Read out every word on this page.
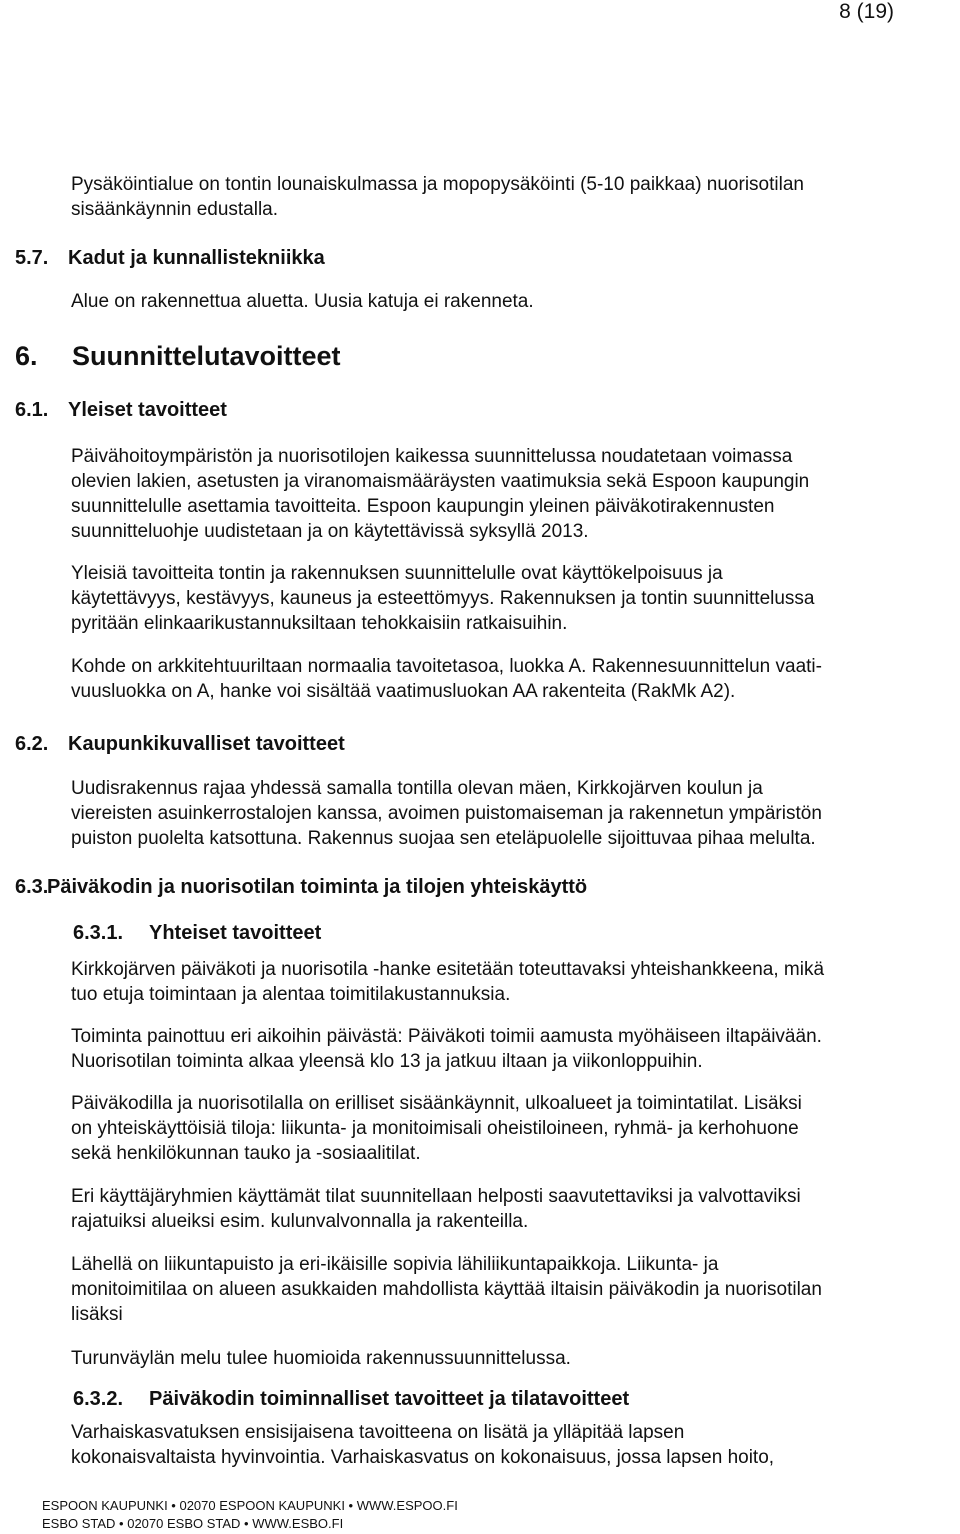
8 (19)
Pysäköintialue on tontin lounaiskulmassa ja mopopysäköinti (5-10 paikkaa) nuorisotilan
sisäänkäynnin edustalla.
5.7. Kadut ja kunnallistekniikka
Alue on rakennettua aluetta. Uusia katuja ei rakenneta.
6. Suunnittelutavoitteet
6.1. Yleiset tavoitteet
Päivähoitoympäristön ja nuorisotilojen kaikessa suunnittelussa noudatetaan voimassa
olevien lakien, asetusten ja viranomaismääräysten vaatimuksia sekä Espoon kaupungin
suunnittelulle asettamia tavoitteita. Espoon kaupungin yleinen päiväkotirakennusten
suunnitteluohje uudistetaan ja on käytettävissä syksyllä 2013.
Yleisiä tavoitteita tontin ja rakennuksen suunnittelulle ovat käyttökelpoisuus ja
käytettävyys, kestävyys, kauneus ja esteettömyys. Rakennuksen ja tontin suunnittelussa
pyritään elinkaarikustannuksiltaan tehokkaisiin ratkaisuihin.
Kohde on arkkitehtuuriltaan normaalia tavoitetasoa, luokka A. Rakennesuunnittelun vaati-
vuusluokka on A, hanke voi sisältää vaatimusluokan AA rakenteita (RakMk A2).
6.2. Kaupunkikuvalliset tavoitteet
Uudisrakennus rajaa yhdessä samalla tontilla olevan mäen, Kirkkojärven koulun ja
viereisten asuinkerrostalojen kanssa, avoimen puistomaiseman ja rakennetun ympäristön
puiston puolelta katsottuna. Rakennus suojaa sen eteläpuolelle sijoittuvaa pihaa melulta.
6.3.Päiväkodin ja nuorisotilan toiminta ja tilojen yhteiskäyttö
6.3.1. Yhteiset tavoitteet
Kirkkojärven päiväkoti ja nuorisotila -hanke esitetään toteuttavaksi yhteishankkeena, mikä
tuo etuja toimintaan ja alentaa toimitilakustannuksia.
Toiminta painottuu eri aikoihin päivästä: Päiväkoti toimii aamusta myöhäiseen iltapäivään.
Nuorisotilan toiminta alkaa yleensä klo 13 ja jatkuu iltaan ja viikonloppuihin.
Päiväkodilla ja nuorisotilalla on erilliset sisäänkäynnit, ulkoalueet ja toimintatilat. Lisäksi
on yhteiskäyttöisiä tiloja: liikunta- ja monitoimisali oheistiloineen, ryhmä- ja kerhohuone
sekä henkilökunnan tauko ja -sosiaalitilat.
Eri käyttäjäryhmien käyttämät tilat suunnitellaan helposti saavutettaviksi ja valvottaviksi
rajatuiksi alueiksi esim. kulunvalvonnalla ja rakenteilla.
Lähellä on liikuntapuisto ja eri-ikäisille sopivia lähiliikuntapaikkoja. Liikunta- ja
monitoimitilaa on alueen asukkaiden mahdollista käyttää iltaisin päiväkodin ja nuorisotilan
lisäksi
Turunväylän melu tulee huomioida rakennussuunnittelussa.
6.3.2. Päiväkodin toiminnalliset tavoitteet ja tilatavoitteet
Varhaiskasvatuksen ensisijaisena tavoitteena on lisätä ja ylläpitää lapsen
kokonaisvaltaista hyvinvointia. Varhaiskasvatus on kokonaisuus, jossa lapsen hoito,
ESPOON KAUPUNKI • 02070 ESPOON KAUPUNKI • WWW.ESPOO.FI
ESBO STAD • 02070 ESBO STAD • WWW.ESBO.FI
